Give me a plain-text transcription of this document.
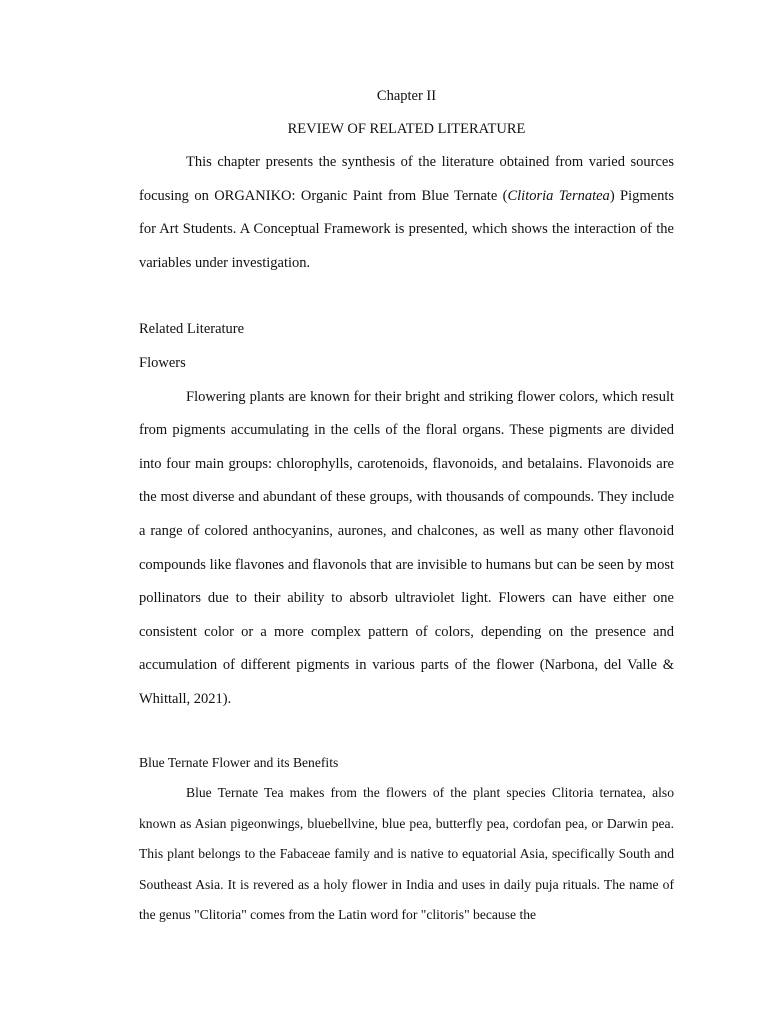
Chapter II

REVIEW OF RELATED LITERATURE

This chapter presents the synthesis of the literature obtained from varied sources focusing on ORGANIKO: Organic Paint from Blue Ternate (Clitoria Ternatea) Pigments for Art Students. A Conceptual Framework is presented, which shows the interaction of the variables under investigation.

Related Literature

Flowers

Flowering plants are known for their bright and striking flower colors, which result from pigments accumulating in the cells of the floral organs. These pigments are divided into four main groups: chlorophylls, carotenoids, flavonoids, and betalains. Flavonoids are the most diverse and abundant of these groups, with thousands of compounds. They include a range of colored anthocyanins, aurones, and chalcones, as well as many other flavonoid compounds like flavones and flavonols that are invisible to humans but can be seen by most pollinators due to their ability to absorb ultraviolet light. Flowers can have either one consistent color or a more complex pattern of colors, depending on the presence and accumulation of different pigments in various parts of the flower (Narbona, del Valle & Whittall, 2021).

Blue Ternate Flower and its Benefits

Blue Ternate Tea makes from the flowers of the plant species Clitoria ternatea, also known as Asian pigeonwings, bluebellvine, blue pea, butterfly pea, cordofan pea, or Darwin pea. This plant belongs to the Fabaceae family and is native to equatorial Asia, specifically South and Southeast Asia. It is revered as a holy flower in India and uses in daily puja rituals. The name of the genus "Clitoria" comes from the Latin word for "clitoris" because the
